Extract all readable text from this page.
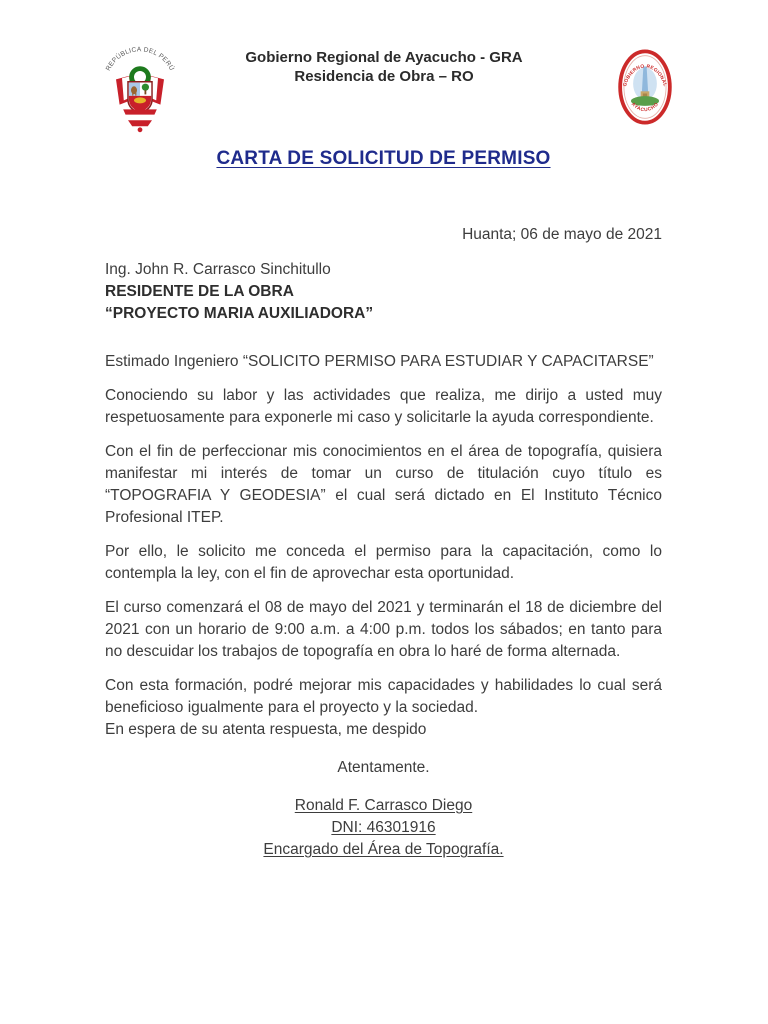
REPÚBLICA DEL PERÚ
Gobierno Regional de Ayacucho - GRA
Residencia de Obra – RO	GOBIERNO REGIONAL
AYACUCHO
CARTA DE SOLICITUD DE PERMISO
Huanta; 06 de mayo de 2021
Ing. John R. Carrasco Sinchitullo
RESIDENTE DE LA OBRA
“PROYECTO MARIA AUXILIADORA”
Estimado Ingeniero “SOLICITO PERMISO PARA ESTUDIAR Y CAPACITARSE”

Conociendo su labor y las actividades que realiza, me dirijo a usted muy respetuosamente para exponerle mi caso y solicitarle la ayuda correspondiente.

Con el fin de perfeccionar mis conocimientos en el área de topografía, quisiera manifestar mi interés de tomar un curso de titulación cuyo título es “TOPOGRAFIA Y GEODESIA” el cual será dictado en El Instituto Técnico Profesional ITEP.

Por ello, le solicito me conceda el permiso para la capacitación, como lo contempla la ley, con el fin de aprovechar esta oportunidad.

El curso comenzará el 08 de mayo del 2021 y terminarán el 18 de diciembre del 2021 con un horario de 9:00 a.m. a 4:00 p.m. todos los sábados; en tanto para no descuidar los trabajos de topografía en obra lo haré de forma alternada.

Con esta formación, podré mejorar mis capacidades y habilidades lo cual será beneficioso igualmente para el proyecto y la sociedad.
En espera de su atenta respuesta, me despido
Atentamente.
Ronald F. Carrasco Diego
DNI: 46301916
Encargado del Área de Topografía.
